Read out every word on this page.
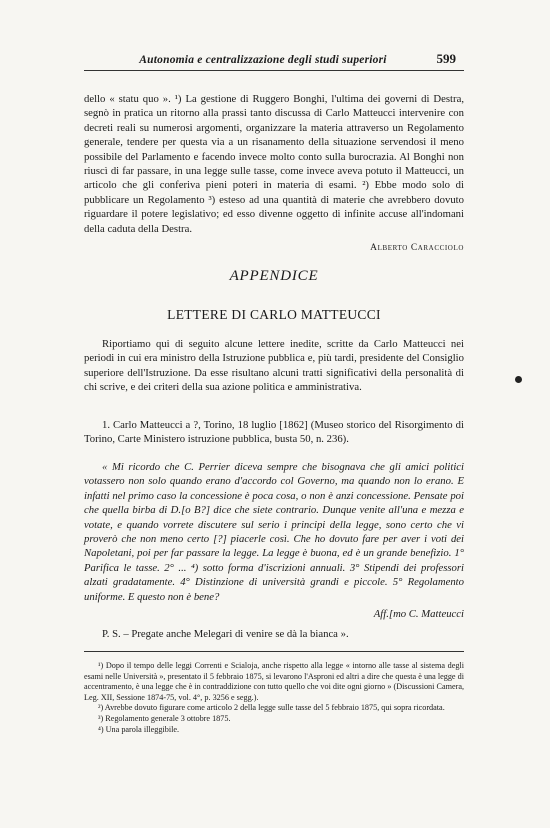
Autonomia e centralizzazione degli studi superiori	599
dello « statu quo ». ¹) La gestione di Ruggero Bonghi, l'ultima dei governi di Destra, segnò in pratica un ritorno alla prassi tanto discussa di Carlo Matteucci intervenire con decreti reali su numerosi argomenti, organizzare la materia attraverso un Regolamento generale, tendere per questa via a un risanamento della situazione servendosi il meno possibile del Parlamento e facendo invece molto conto sulla burocrazia. Al Bonghi non riuscì di far passare, in una legge sulle tasse, come invece aveva potuto il Matteucci, un articolo che gli conferiva pieni poteri in materia di esami. ²) Ebbe modo solo di pubblicare un Regolamento ³) esteso ad una quantità di materie che avrebbero dovuto riguardare il potere legislativo; ed esso divenne oggetto di infinite accuse all'indomani della caduta della Destra.
Alberto Caracciolo
APPENDICE
LETTERE DI CARLO MATTEUCCI
Riportiamo qui di seguito alcune lettere inedite, scritte da Carlo Matteucci nei periodi in cui era ministro della Istruzione pubblica e, più tardi, presidente del Consiglio superiore dell'Istruzione. Da esse risultano alcuni tratti significativi della personalità di chi scrive, e dei criteri della sua azione politica e amministrativa.
1. Carlo Matteucci a ?, Torino, 18 luglio [1862] (Museo storico del Risorgimento di Torino, Carte Ministero istruzione pubblica, busta 50, n. 236).
« Mi ricordo che C. Perrier diceva sempre che bisognava che gli amici politici votassero non solo quando erano d'accordo col Governo, ma quando non lo erano. E infatti nel primo caso la concessione è poca cosa, o non è anzi concessione. Pensate poi che quella birba di D.[o B?] dice che siete contrario. Dunque venite all'una e mezza e votate, e quando vorrete discutere sul serio i principi della legge, sono certo che vi proverò che non meno certo [?] piacerle così. Che ho dovuto fare per aver i voti dei Napoletani, poi per far passare la legge. La legge è buona, ed è un grande benefizio. 1° Parifica le tasse. 2° ... ⁴) sotto forma d'iscrizioni annuali. 3° Stipendi dei professori alzati gradatamente. 4° Distinzione di università grandi e piccole. 5° Regolamento uniforme. E questo non è bene?
Aff.[mo C. Matteucci
P. S. – Pregate anche Melegari di venire se dà la bianca ».

¹) Dopo il tempo delle leggi Correnti e Scialoja, anche rispetto alla legge « intorno alle tasse al sistema degli esami nelle Università », presentato il 5 febbraio 1875, si levarono l'Asproni ed altri a dire che questa è una legge di accentramento, è una legge che è in contraddizione con tutto quello che voi dite ogni giorno » (Discussioni Camera, Leg. XII, Sessione 1874-75, vol. 4°, p. 3256 e segg.).

²) Avrebbe dovuto figurare come articolo 2 della legge sulle tasse del 5 febbraio 1875, qui sopra ricordata.

³) Regolamento generale 3 ottobre 1875.

⁴) Una parola illeggibile.
